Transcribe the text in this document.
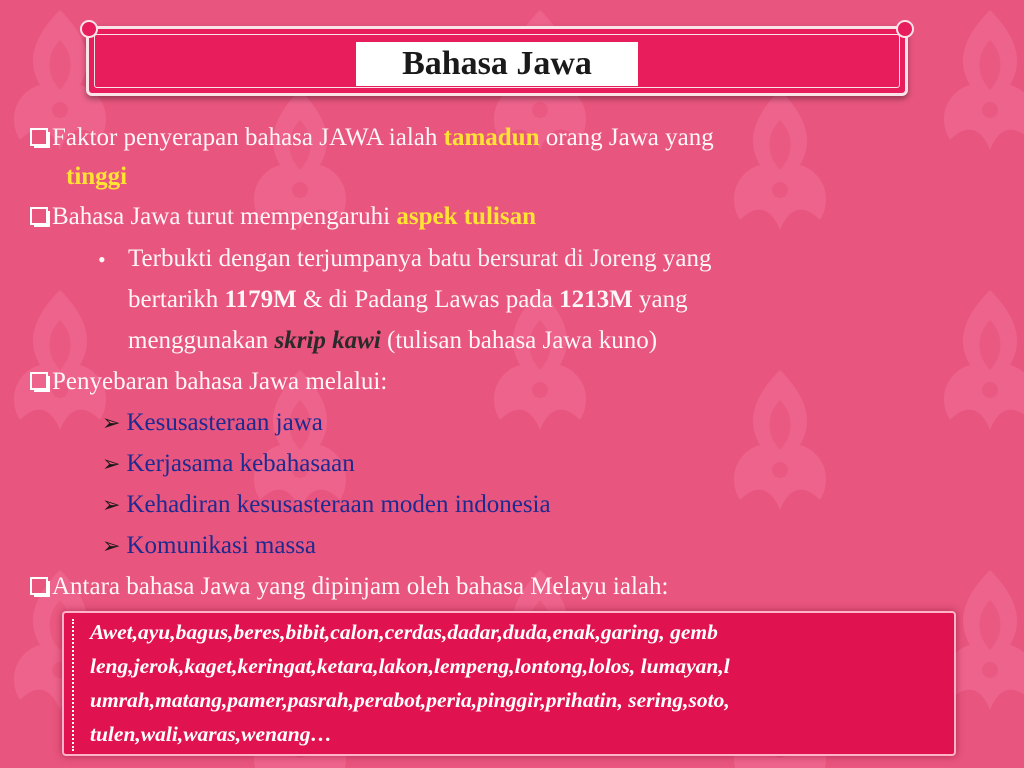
Bahasa Jawa
Faktor penyerapan bahasa JAWA ialah tamadun orang Jawa yang
tinggi
Bahasa Jawa turut mempengaruhi aspek tulisan
• Terbukti dengan terjumpanya batu bersurat di Joreng yang
bertarikh 1179M & di Padang Lawas pada 1213M yang
menggunakan skrip kawi (tulisan bahasa Jawa kuno)
Penyebaran bahasa Jawa melalui:
➢ Kesusasteraan jawa
➢ Kerjasama kebahasaan
➢ Kehadiran kesusasteraan moden indonesia
➢ Komunikasi massa
Antara bahasa Jawa yang dipinjam oleh bahasa Melayu ialah:
Awet,ayu,bagus,beres,bibit,calon,cerdas,dadar,duda,enak,garing, gemb
leng,jerok,kaget,keringat,ketara,lakon,lempeng,lontong,lolos, lumayan,l
umrah,matang,pamer,pasrah,perabot,peria,pinggir,prihatin, sering,soto,
tulen,wali,waras,wenang…
